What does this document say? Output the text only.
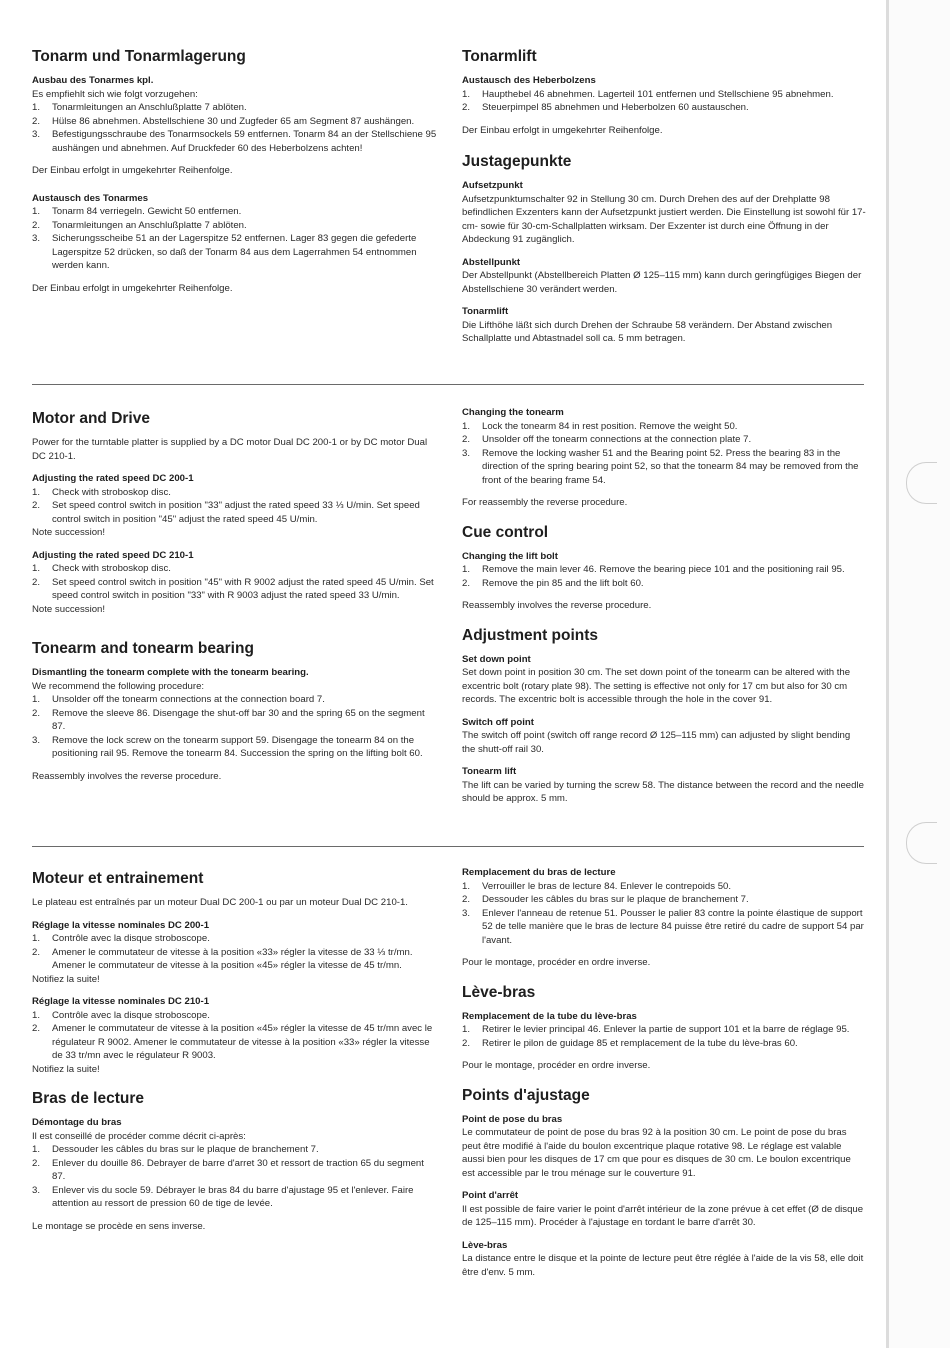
Tonarm und Tonarmlagerung
Ausbau des Tonarmes kpl.

Es empfiehlt sich wie folgt vorzugehen:

1. Tonarmleitungen an Anschlußplatte 7 ablöten.
2. Hülse 86 abnehmen. Abstellschiene 30 und Zugfeder 65 am Segment 87 aushängen.
3. Befestigungsschraube des Tonarmsockels 59 entfernen. Tonarm 84 an der Stellschiene 95 aushängen und abnehmen. Auf Druckfeder 60 des Heberbolzens achten!

Der Einbau erfolgt in umgekehrter Reihenfolge.

Austausch des Tonarmes
1. Tonarm 84 verriegeln. Gewicht 50 entfernen.
2. Tonarmleitungen an Anschlußplatte 7 ablöten.
3. Sicherungsscheibe 51 an der Lagerspitze 52 entfernen. Lager 83 gegen die gefederte Lagerspitze 52 drücken, so daß der Tonarm 84 aus dem Lagerrahmen 54 entnommen werden kann.

Der Einbau erfolgt in umgekehrter Reihenfolge.

Tonarmlift
Austausch des Heberbolzens
1. Haupthebel 46 abnehmen. Lagerteil 101 entfernen und Stellschiene 95 abnehmen.
2. Steuerpimpel 85 abnehmen und Heberbolzen 60 austauschen.

Der Einbau erfolgt in umgekehrter Reihenfolge.

Justagepunkte
Aufsetzpunkt

Aufsetzpunktumschalter 92 in Stellung 30 cm. Durch Drehen des auf der Drehplatte 98 befindlichen Exzenters kann der Aufsetzpunkt justiert werden. Die Einstellung ist sowohl für 17-cm- sowie für 30-cm-Schallplatten wirksam. Der Exzenter ist durch eine Öffnung in der Abdeckung 91 zugänglich.

Abstellpunkt

Der Abstellpunkt (Abstellbereich Platten Ø 125–115 mm) kann durch geringfügiges Biegen der Abstellschiene 30 verändert werden.

Tonarmlift

Die Lifthöhe läßt sich durch Drehen der Schraube 58 verändern. Der Abstand zwischen Schallplatte und Abtastnadel soll ca. 5 mm betragen.

Motor and Drive

Power for the turntable platter is supplied by a DC motor Dual DC 200-1 or by DC motor Dual DC 210-1.

Adjusting the rated speed DC 200-1
1. Check with stroboskop disc.
2. Set speed control switch in position "33" adjust the rated speed 33 ⅓ U/min. Set speed control switch in position "45" adjust the rated speed 45 U/min.

Note succession!

Adjusting the rated speed DC 210-1
1. Check with stroboskop disc.
2. Set speed control switch in position "45" with R 9002 adjust the rated speed 45 U/min. Set speed control switch in position "33" with R 9003 adjust the rated speed 33 U/min.

Note succession!

Tonearm and tonearm bearing
Dismantling the tonearm complete with the tonearm bearing.

We recommend the following procedure:

1. Unsolder off the tonearm connections at the connection board 7.
2. Remove the sleeve 86. Disengage the shut-off bar 30 and the spring 65 on the segment 87.
3. Remove the lock screw on the tonearm support 59. Disengage the tonearm 84 on the positioning rail 95. Remove the tonearm 84. Succession the spring on the lifting bolt 60.

Reassembly involves the reverse procedure.

Changing the tonearm
1. Lock the tonearm 84 in rest position. Remove the weight 50.
2. Unsolder off the tonearm connections at the connection plate 7.
3. Remove the locking washer 51 and the Bearing point 52. Press the bearing 83 in the direction of the spring bearing point 52, so that the tonearm 84 may be removed from the front of the bearing frame 54.

For reassembly the reverse procedure.

Cue control
Changing the lift bolt
1. Remove the main lever 46. Remove the bearing piece 101 and the positioning rail 95.
2. Remove the pin 85 and the lift bolt 60.

Reassembly involves the reverse procedure.

Adjustment points
Set down point

Set down point in position 30 cm. The set down point of the tonearm can be altered with the excentric bolt (rotary plate 98). The setting is effective not only for 17 cm but also for 30 cm records. The excentric bolt is accessible through the hole in the cover 91.

Switch off point

The switch off point (switch off range record Ø 125–115 mm) can adjusted by slight bending the shutt-off rail 30.

Tonearm lift

The lift can be varied by turning the screw 58. The distance between the record and the needle should be approx. 5 mm.

Moteur et entrainement

Le plateau est entraînés par un moteur Dual DC 200-1 ou par un moteur Dual DC 210-1.

Réglage la vitesse nominales DC 200-1
1. Contrôle avec la disque stroboscope.
2. Amener le commutateur de vitesse à la position «33» régler la vitesse de 33 ⅓ tr/mn. Amener le commutateur de vitesse à la position «45» régler la vitesse de 45 tr/mn.

Notifiez la suite!

Réglage la vitesse nominales DC 210-1
1. Contrôle avec la disque stroboscope.
2. Amener le commutateur de vitesse à la position «45» régler la vitesse de 45 tr/mn avec le régulateur R 9002. Amener le commutateur de vitesse à la position «33» régler la vitesse de 33 tr/mn avec le régulateur R 9003.

Notifiez la suite!

Bras de lecture
Démontage du bras

Il est conseillé de procéder comme décrit ci-après:

1. Dessouder les câbles du bras sur le plaque de branchement 7.
2. Enlever du douille 86. Debrayer de barre d'arret 30 et ressort de traction 65 du segment 87.
3. Enlever vis du socle 59. Débrayer le bras 84 du barre d'ajustage 95 et l'enlever. Faire attention au ressort de pression 60 de tige de levée.

Le montage se procède en sens inverse.

Remplacement du bras de lecture
1. Verrouiller le bras de lecture 84. Enlever le contrepoids 50.
2. Dessouder les câbles du bras sur le plaque de branchement 7.
3. Enlever l'anneau de retenue 51. Pousser le palier 83 contre la pointe élastique de support 52 de telle manière que le bras de lecture 84 puisse être retiré du cadre de support 54 par l'avant.

Pour le montage, procéder en ordre inverse.

Lève-bras
Remplacement de la tube du lève-bras
1. Retirer le levier principal 46. Enlever la partie de support 101 et la barre de réglage 95.
2. Retirer le pilon de guidage 85 et remplacement de la tube du lève-bras 60.

Pour le montage, procéder en ordre inverse.

Points d'ajustage
Point de pose du bras

Le commutateur de point de pose du bras 92 à la position 30 cm. Le point de pose du bras peut être modifié à l'aide du boulon excentrique plaque rotative 98. Le réglage est valable aussi bien pour les disques de 17 cm que pour es disques de 30 cm. Le boulon excentrique est accessible par le trou ménage sur le couverture 91.

Point d'arrêt

Il est possible de faire varier le point d'arrêt intérieur de la zone prévue à cet effet (Ø de disque de 125–115 mm). Procéder à l'ajustage en tordant le barre d'arrêt 30.

Lève-bras

La distance entre le disque et la pointe de lecture peut être réglée à l'aide de la vis 58, elle doit être d'env. 5 mm.
